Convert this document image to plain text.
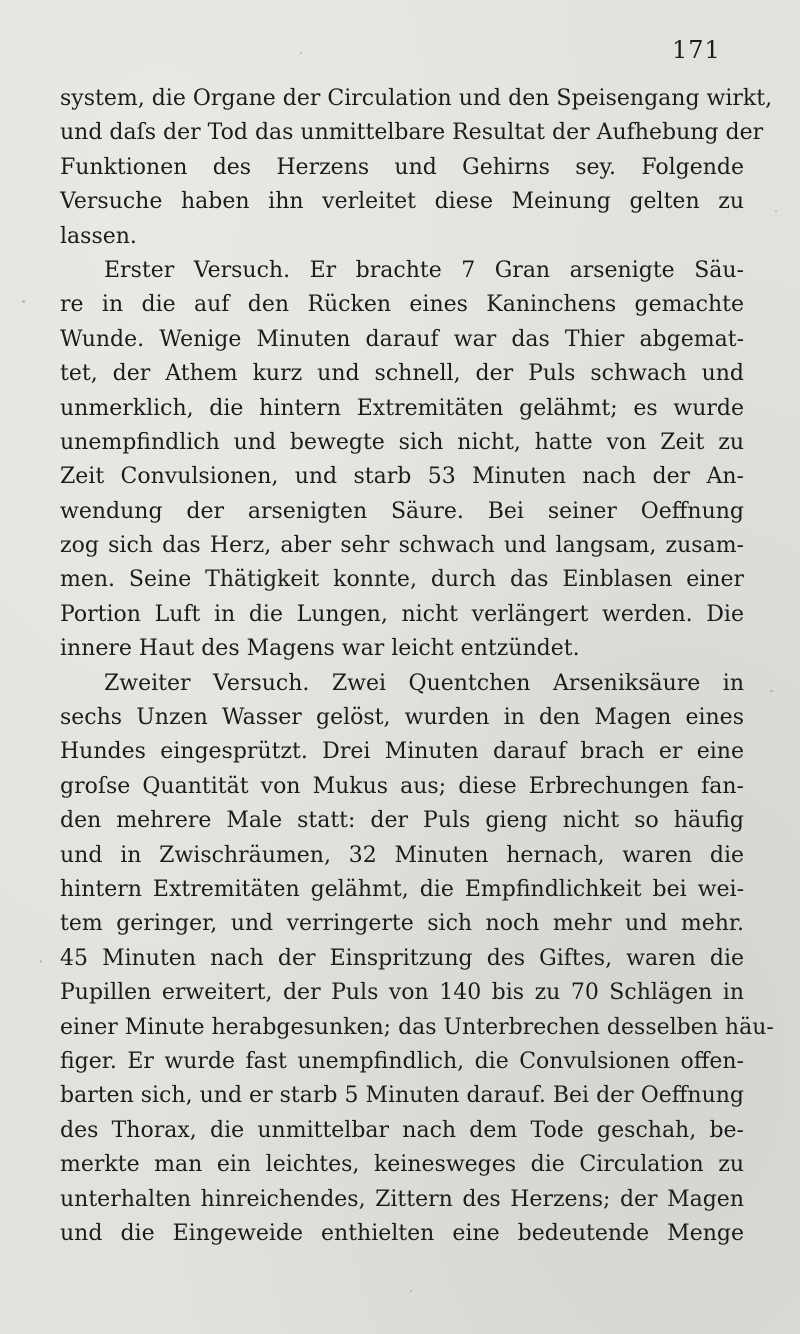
171
system, die Organe der Circulation und den Speisengang wirkt,
und daſs der Tod das unmittelbare Resultat der Aufhebung der
Funktionen des Herzens und Gehirns sey. Folgende
Versuche haben ihn verleitet diese Meinung gelten zu
lassen.
Erster Versuch. Er brachte 7 Gran arsenigte Säu-
re in die auf den Rücken eines Kaninchens gemachte
Wunde. Wenige Minuten darauf war das Thier abgemat-
tet, der Athem kurz und schnell, der Puls schwach und
unmerklich, die hintern Extremitäten gelähmt; es wurde
unempfindlich und bewegte sich nicht, hatte von Zeit zu
Zeit Convulsionen, und starb 53 Minuten nach der An-
wendung der arsenigten Säure. Bei seiner Oeffnung
zog sich das Herz, aber sehr schwach und langsam, zusam-
men. Seine Thätigkeit konnte, durch das Einblasen einer
Portion Luft in die Lungen, nicht verlängert werden. Die
innere Haut des Magens war leicht entzündet.
Zweiter Versuch. Zwei Quentchen Arseniksäure in
sechs Unzen Wasser gelöst, wurden in den Magen eines
Hundes eingesprützt. Drei Minuten darauf brach er eine
groſse Quantität von Mukus aus; diese Erbrechungen fan-
den mehrere Male statt: der Puls gieng nicht so häufig
und in Zwischräumen, 32 Minuten hernach, waren die
hintern Extremitäten gelähmt, die Empfindlichkeit bei wei-
tem geringer, und verringerte sich noch mehr und mehr.
45 Minuten nach der Einspritzung des Giftes, waren die
Pupillen erweitert, der Puls von 140 bis zu 70 Schlägen in
einer Minute herabgesunken; das Unterbrechen desselben häu-
figer. Er wurde fast unempfindlich, die Convulsionen offen-
barten sich, und er starb 5 Minuten darauf. Bei der Oeffnung
des Thorax, die unmittelbar nach dem Tode geschah, be-
merkte man ein leichtes, keinesweges die Circulation zu
unterhalten hinreichendes, Zittern des Herzens; der Magen
und die Eingeweide enthielten eine bedeutende Menge
